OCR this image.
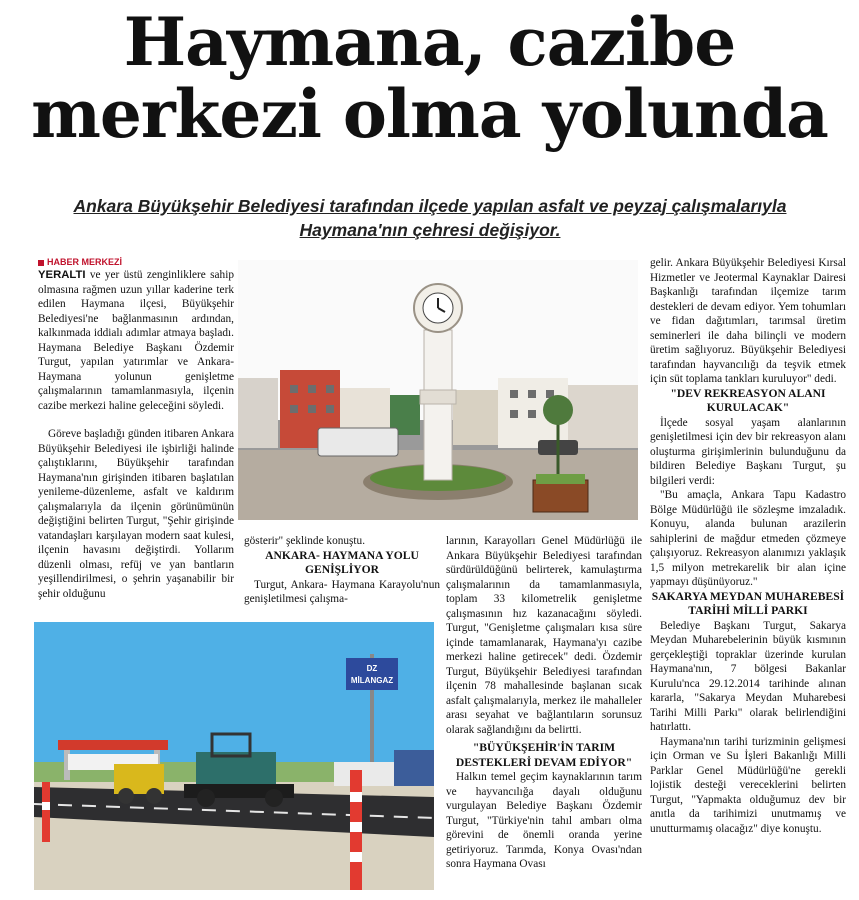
Haymana, cazibe
merkezi olma yolunda
Ankara Büyükşehir Belediyesi tarafından ilçede yapılan asfalt ve peyzaj çalışmalarıyla
Haymana'nın çehresi değişiyor.
HABER MERKEZİ

YERALTI ve yer üstü zenginliklere sahip olmasına rağmen uzun yıllar kaderine terk edilen Haymana ilçesi, Büyükşehir Belediyesi'ne bağlanmasının ardından, kalkınmada iddialı adımlar atmaya başladı. Haymana Belediye Başkanı Özdemir Turgut, yapılan yatırımlar ve Ankara-Haymana yolunun genişletme çalışmalarının tamamlanmasıyla, ilçenin cazibe merkezi haline geleceğini söyledi.

Göreve başladığı günden itibaren Ankara Büyükşehir Belediyesi ile işbirliği halinde çalıştıklarını, Büyükşehir tarafından Haymana'nın girişinden itibaren başlatılan yenileme-düzenleme, asfalt ve kaldırım çalışmalarıyla da ilçenin görünümünün değiştiğini belirten Turgut, "Şehir girişinde vatandaşları karşılayan modern saat kulesi, ilçenin havasını değiştirdi. Yollarım düzenli olması, refüj ve yan bantların yeşillendirilmesi, o şehrin yaşanabilir bir şehir olduğunu

gösterir" şeklinde konuştu.

ANKARA- HAYMANA YOLU GENİŞLİYOR

Turgut, Ankara- Haymana Karayolu'nun genişletilmesi çalışma-

larının, Karayolları Genel Müdürlüğü ile Ankara Büyükşehir Belediyesi tarafından sürdürüldüğünü belirterek, kamulaştırma çalışmalarının da tamamlanmasıyla, toplam 33 kilometrelik genişletme çalışmasının hız kazanacağını söyledi. Turgut, "Genişletme çalışmaları kısa süre içinde tamamlanarak, Haymana'yı cazibe merkezi haline getirecek" dedi. Özdemir Turgut, Büyükşehir Belediyesi tarafından ilçenin 78 mahallesinde başlanan sıcak asfalt çalışmalarıyla, merkez ile mahalleler arası seyahat ve bağlantıların sorunsuz olarak sağlandığını da belirtti.

"BÜYÜKŞEHİR'İN TARIM DESTEKLERİ DEVAM EDİYOR"

Halkın temel geçim kaynaklarının tarım ve hayvancılığa dayalı olduğunu vurgulayan Belediye Başkanı Özdemir Turgut, "Türkiye'nin tahıl ambarı olma görevini de önemli oranda yerine getiriyoruz. Tarımda, Konya Ovası'ndan sonra Haymana Ovası

gelir. Ankara Büyükşehir Belediyesi Kırsal Hizmetler ve Jeotermal Kaynaklar Dairesi Başkanlığı tarafından ilçemize tarım destekleri de devam ediyor. Yem tohumları ve fidan dağıtımları, tarımsal üretim seminerleri ile daha bilinçli ve modern üretim sağlıyoruz. Büyükşehir Belediyesi tarafından hayvancılığı da teşvik etmek için süt toplama tankları kuruluyor" dedi.

"DEV REKREASYON ALANI KURULACAK"

İlçede sosyal yaşam alanlarının genişletilmesi için dev bir rekreasyon alanı oluşturma girişimlerinin bulunduğunu da bildiren Belediye Başkanı Turgut, şu bilgileri verdi:

"Bu amaçla, Ankara Tapu Kadastro Bölge Müdürlüğü ile sözleşme imzaladık. Konuyu, alanda bulunan arazilerin sahiplerini de mağdur etmeden çözmeye çalışıyoruz. Rekreasyon alanımızı yaklaşık 1,5 milyon metrekarelik bir alan içine yapmayı düşünüyoruz."

SAKARYA MEYDAN MUHAREBESİ TARİHİ MİLLİ PARKI

Belediye Başkanı Turgut, Sakarya Meydan Muharebelerinin büyük kısmının gerçekleştiği topraklar üzerinde kurulan Haymana'nın, 7 bölgesi Bakanlar Kurulu'nca 29.12.2014 tarihinde alınan kararla, "Sakarya Meydan Muharebesi Tarihi Milli Parkı" olarak belirlendiğini hatırlattı.

Haymana'nın tarihi turizminin gelişmesi için Orman ve Su İşleri Bakanlığı Milli Parklar Genel Müdürlüğü'ne gerekli lojistik desteği vereceklerini belirten Turgut, "Yapmakta olduğumuz dev bir anıtla da tarihimizi unutmamış ve unutturmamış olacağız" diye konuştu.

DZ
MİLANGAZ
